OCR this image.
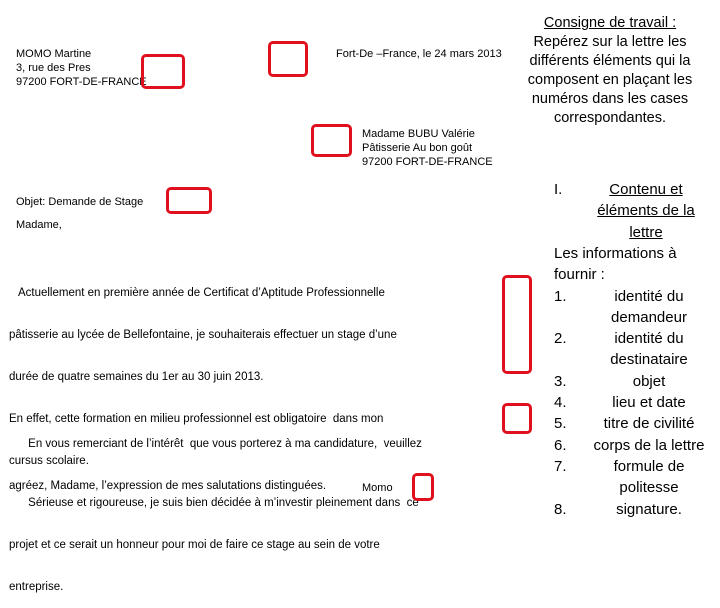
MOMO Martine
3, rue des Pres
97200 FORT-DE-FRANCE
Fort-De –France, le 24 mars 2013
Madame BUBU Valérie
Pâtisserie Au bon goût
97200 FORT-DE-FRANCE
Objet: Demande de Stage
Madame,

Actuellement en première année de Certificat d’Aptitude Professionnelle

pâtisserie au lycée de Bellefontaine, je souhaiterais effectuer un stage d’une

durée de quatre semaines du 1er au 30 juin 2013.

En effet, cette formation en milieu professionnel est obligatoire  dans mon

cursus scolaire.

Sérieuse et rigoureuse, je suis bien décidée à m’investir pleinement dans  ce

projet et ce serait un honneur pour moi de faire ce stage au sein de votre

entreprise.

En vous remerciant de l’intérêt  que vous porterez à ma candidature,  veuillez

agréez, Madame, l’expression de mes salutations distinguées.	Momo
Consigne de travail :
Repérez sur la lettre les
différents éléments qui la
composent en plaçant les
numéros dans les cases
correspondantes.
I.	Contenu et
éléments de la
lettre
Les informations à
fournir :
1.	identité du
demandeur
2.	identité du
destinataire
3.	objet
4.	lieu et date
5.	titre de civilité
6.	corps de la lettre
7.	formule de
politesse
8.	signature.
